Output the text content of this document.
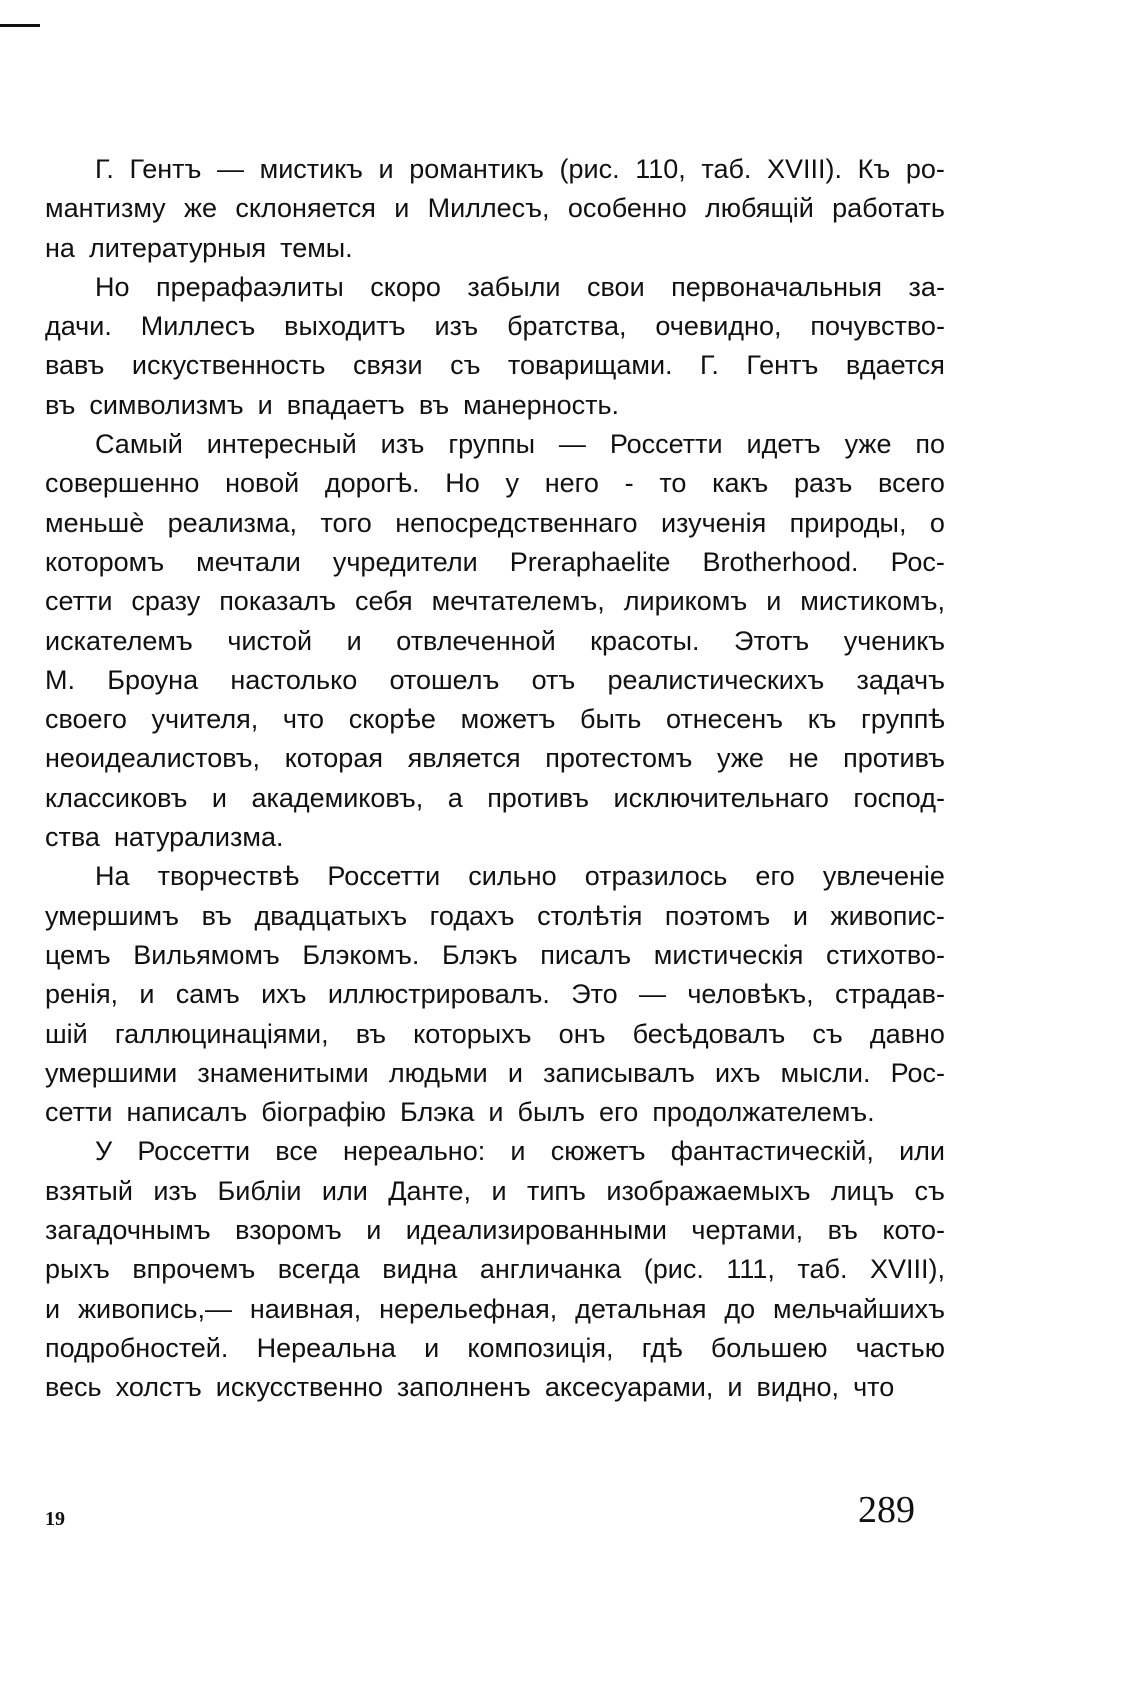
Г. Гентъ — мистикъ и романтикъ (рис. 110, таб. XVIII). Къ ро-
мантизму же склоняется и Миллесъ, особенно любящій работать
на литературныя темы.
Но прерафаэлиты скоро забыли свои первоначальныя за-
дачи. Миллесъ выходитъ изъ братства, очевидно, почувство-
вавъ искуственность связи съ товарищами. Г. Гентъ вдается
въ символизмъ и впадаетъ въ манерность.
Самый интересный изъ группы — Россетти идетъ уже по
совершенно новой дорогѣ. Но у него - то какъ разъ всего
меньшѐ реализма, того непосредственнаго изученія природы, о
которомъ мечтали учредители Preraphaelite Brotherhood. Рос-
сетти сразу показалъ себя мечтателемъ, лирикомъ и мистикомъ,
искателемъ чистой и отвлеченной красоты. Этотъ ученикъ
М. Броуна настолько отошелъ отъ реалистическихъ задачъ
своего учителя, что скорѣе можетъ быть отнесенъ къ группѣ
неоидеалистовъ, которая является протестомъ уже не противъ
классиковъ и академиковъ, а противъ исключительнаго господ-
ства натурализма.
На творчествѣ Россетти сильно отразилось его увлеченіе
умершимъ въ двадцатыхъ годахъ столѣтія поэтомъ и живопис-
цемъ Вильямомъ Блэкомъ. Блэкъ писалъ мистическія стихотво-
ренія, и самъ ихъ иллюстрировалъ. Это — человѣкъ, страдав-
шій галлюцинаціями, въ которыхъ онъ бесѣдовалъ съ давно
умершими знаменитыми людьми и записывалъ ихъ мысли. Рос-
сетти написалъ біографію Блэка и былъ его продолжателемъ.
У Россетти все нереально: и сюжетъ фантастическій, или
взятый изъ Библіи или Данте, и типъ изображаемыхъ лицъ съ
загадочнымъ взоромъ и идеализированными чертами, въ кото-
рыхъ впрочемъ всегда видна англичанка (рис. 111, таб. XVIII),
и живопись,— наивная, нерельефная, детальная до мельчайшихъ
подробностей. Нереальна и композиція, гдѣ большею частью
весь холстъ искусственно заполненъ аксесуарами, и видно, что
19	289
